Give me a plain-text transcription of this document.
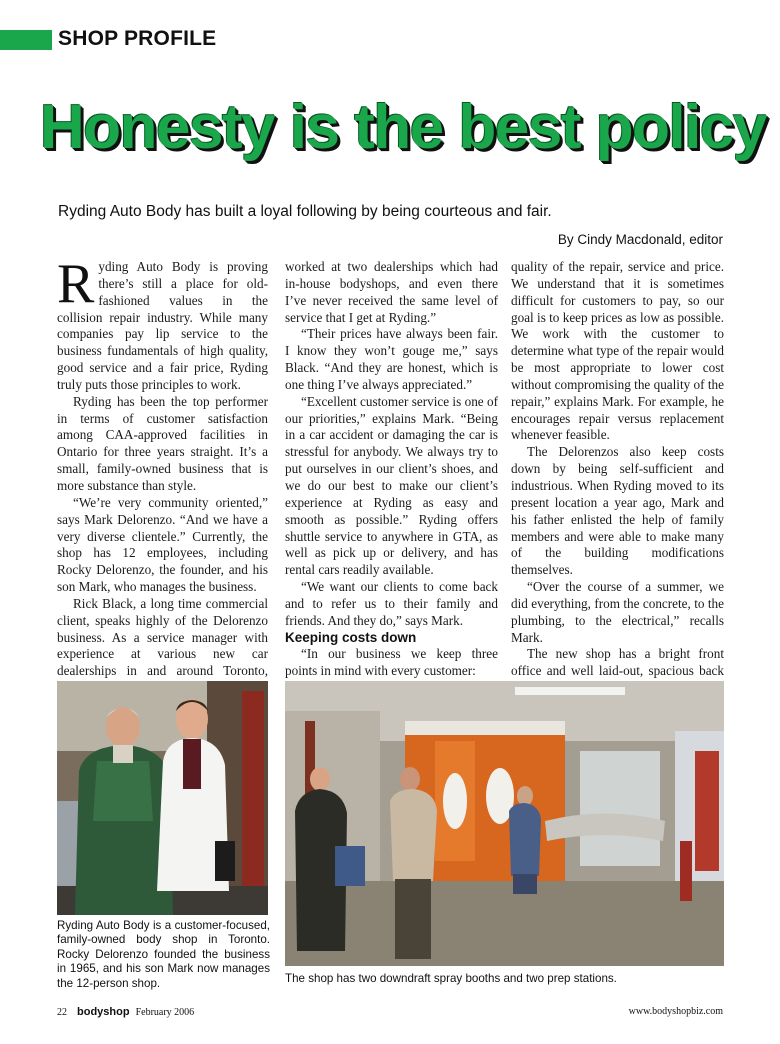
SHOP PROFILE
Honesty is the best policy
Ryding Auto Body has built a loyal following by being courteous and fair.
By Cindy Macdonald, editor

Ryding Auto Body is proving there’s still a place for old-fashioned values in the collision repair industry. While many companies pay lip service to the business fundamentals of high quality, good service and a fair price, Ryding truly puts those principles to work.

Ryding has been the top performer in terms of customer satisfaction among CAA-approved facilities in Ontario for three years straight. It’s a small, family-owned business that is more substance than style.

“We’re very community oriented,” says Mark Delorenzo. “And we have a very diverse clientele.” Currently, the shop has 12 employees, including Rocky Delorenzo, the founder, and his son Mark, who manages the business.

Rick Black, a long time commercial client, speaks highly of the Delorenzo business. As a service manager with experience at various new car dealerships in and around Toronto,

worked at two dealerships which had in-house bodyshops, and even there I’ve never received the same level of service that I get at Ryding.”

“Their prices have always been fair. I know they won’t gouge me,” says Black. “And they are honest, which is one thing I’ve always appreciated.”

“Excellent customer service is one of our priorities,” explains Mark. “Being in a car accident or damaging the car is stressful for anybody. We always try to put ourselves in our client’s shoes, and we do our best to make our client’s experience at Ryding as easy and smooth as possible.” Ryding offers shuttle service to anywhere in GTA, as well as pick up or delivery, and has rental cars readily available.

“We want our clients to come back and to refer us to their family and friends. And they do,” says Mark.

Keeping costs down

“In our business we keep three points in mind with every customer:

quality of the repair, service and price. We understand that it is sometimes difficult for customers to pay, so our goal is to keep prices as low as possible. We work with the customer to determine what type of the repair would be most appropriate to lower cost without compromising the quality of the repair,” explains Mark. For example, he encourages repair versus replacement whenever feasible.

The Delorenzos also keep costs down by being self-sufficient and industrious. When Ryding moved to its present location a year ago, Mark and his father enlisted the help of family members and were able to make many of the building modifications themselves.

“Over the course of a summer, we did everything, from the concrete, to the plumbing, to the electrical,” recalls Mark.

The new shop has a bright front office and well laid-out, spacious back

Ryding Auto Body is a customer-focused, family-owned body shop in Toronto. Rocky Delorenzo founded the business in 1965, and his son Mark now manages the 12-person shop.	The shop has two downdraft spray booths and two prep stations.
22 bodyshop February 2006	www.bodyshopbiz.com
